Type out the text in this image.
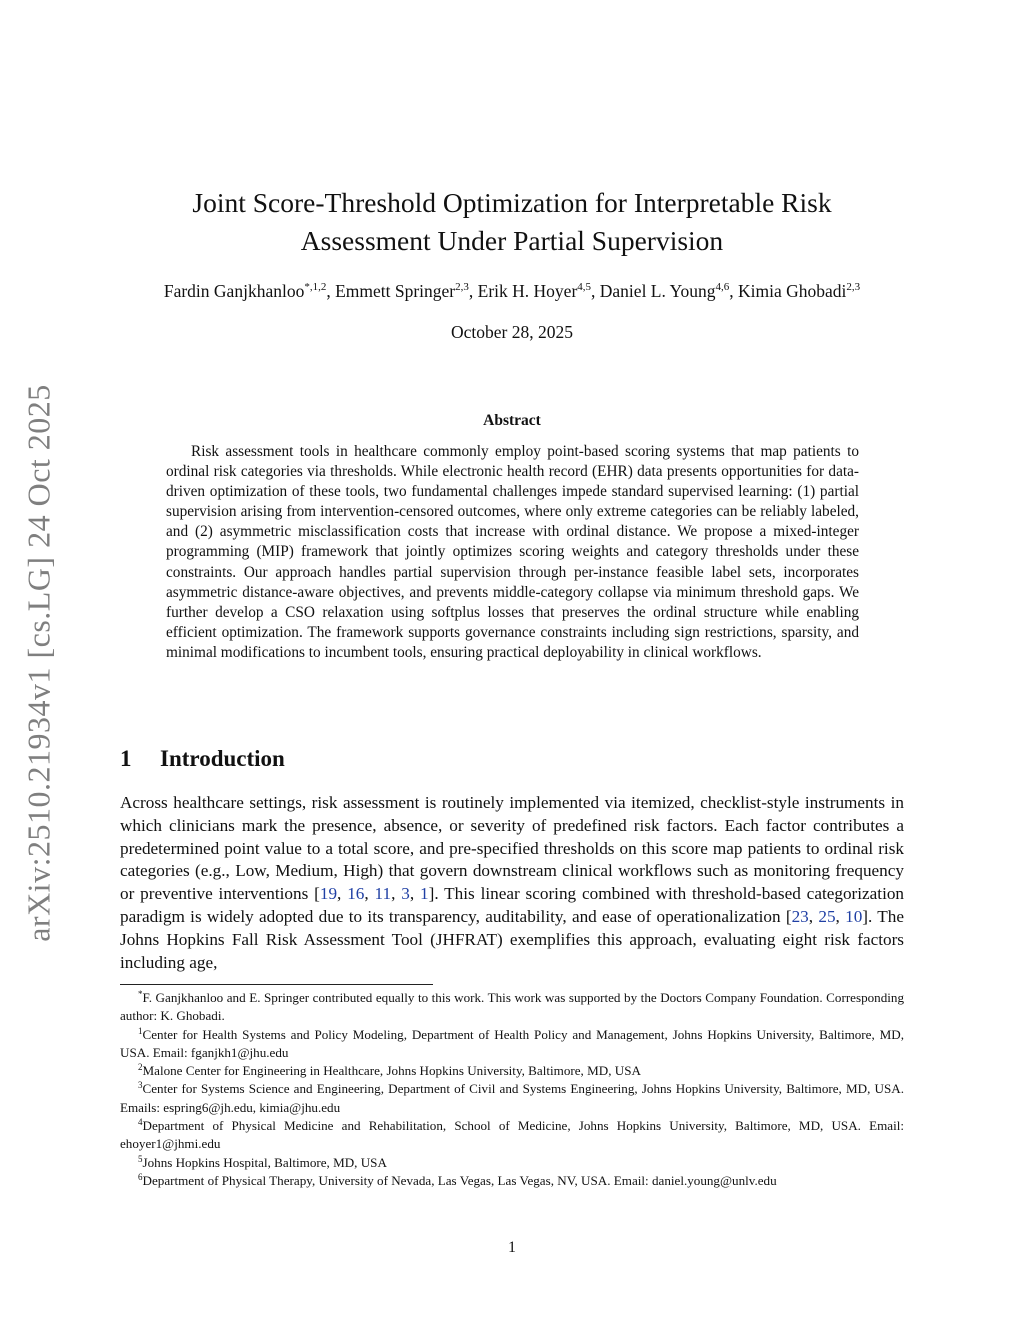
arXiv:2510.21934v1 [cs.LG] 24 Oct 2025
Joint Score-Threshold Optimization for Interpretable Risk
Assessment Under Partial Supervision
Fardin Ganjkhanloo$^{*,1,2}$, Emmett Springer$^{2,3}$, Erik H. Hoyer$^{4,5}$, Daniel L. Young$^{4,6}$, Kimia Ghobadi$^{2,3}$
October 28, 2025
Abstract
Risk assessment tools in healthcare commonly employ point-based scoring systems that map patients to ordinal risk categories via thresholds. While electronic health record (EHR) data presents opportunities for data-driven optimization of these tools, two fundamental challenges impede standard supervised learning: (1) partial supervision arising from intervention-censored outcomes, where only extreme categories can be reliably labeled, and (2) asymmetric misclassification costs that increase with ordinal distance. We propose a mixed-integer programming (MIP) framework that jointly optimizes scoring weights and category thresholds under these constraints. Our approach handles partial supervision through per-instance feasible label sets, incorporates asymmetric distance-aware objectives, and prevents middle-category collapse via minimum threshold gaps. We further develop a CSO relaxation using softplus losses that preserves the ordinal structure while enabling efficient optimization. The framework supports governance constraints including sign restrictions, sparsity, and minimal modifications to incumbent tools, ensuring practical deployability in clinical workflows.
1 Introduction
Across healthcare settings, risk assessment is routinely implemented via itemized, checklist-style instruments in which clinicians mark the presence, absence, or severity of predefined risk factors. Each factor contributes a predetermined point value to a total score, and pre-specified thresholds on this score map patients to ordinal risk categories (e.g., Low, Medium, High) that govern downstream clinical workflows such as monitoring frequency or preventive interventions [19, 16, 11, 3, 1]. This linear scoring combined with threshold-based categorization paradigm is widely adopted due to its transparency, auditability, and ease of operationalization [23, 25, 10]. The Johns Hopkins Fall Risk Assessment Tool (JHFRAT) exemplifies this approach, evaluating eight risk factors including age,

*F. Ganjkhanloo and E. Springer contributed equally to this work. This work was supported by the Doctors Company Foundation. Corresponding author: K. Ghobadi.

$^1$Center for Health Systems and Policy Modeling, Department of Health Policy and Management, Johns Hopkins University, Baltimore, MD, USA. Email: fganjkh1@jhu.edu

$^2$Malone Center for Engineering in Healthcare, Johns Hopkins University, Baltimore, MD, USA

$^3$Center for Systems Science and Engineering, Department of Civil and Systems Engineering, Johns Hopkins University, Baltimore, MD, USA. Emails: espring6@jh.edu, kimia@jhu.edu

$^4$Department of Physical Medicine and Rehabilitation, School of Medicine, Johns Hopkins University, Baltimore, MD, USA. Email: ehoyer1@jhmi.edu

$^5$Johns Hopkins Hospital, Baltimore, MD, USA

$^6$Department of Physical Therapy, University of Nevada, Las Vegas, Las Vegas, NV, USA. Email: daniel.young@unlv.edu

1
